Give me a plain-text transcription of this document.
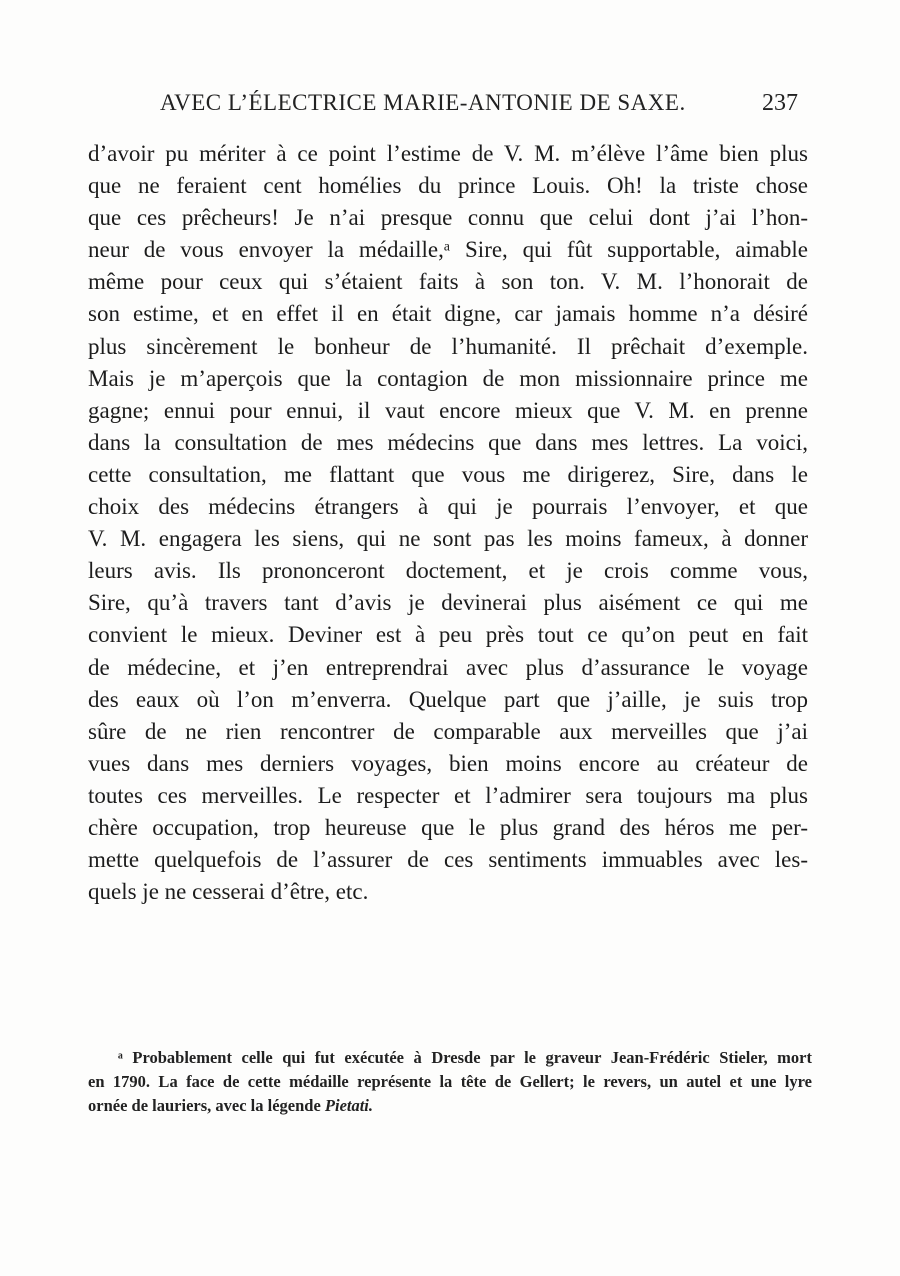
AVEC L’ÉLECTRICE MARIE-ANTONIE DE SAXE.	237
d’avoir pu mériter à ce point l’estime de V. M. m’élève l’âme bien plus
que ne feraient cent homélies du prince Louis. Oh! la triste chose
que ces prêcheurs! Je n’ai presque connu que celui dont j’ai l’hon-
neur de vous envoyer la médaille,ᵃ Sire, qui fût supportable, aimable
même pour ceux qui s’étaient faits à son ton. V. M. l’honorait de
son estime, et en effet il en était digne, car jamais homme n’a désiré
plus sincèrement le bonheur de l’humanité. Il prêchait d’exemple.
Mais je m’aperçois que la contagion de mon missionnaire prince me
gagne; ennui pour ennui, il vaut encore mieux que V. M. en prenne
dans la consultation de mes médecins que dans mes lettres. La voici,
cette consultation, me flattant que vous me dirigerez, Sire, dans le
choix des médecins étrangers à qui je pourrais l’envoyer, et que
V. M. engagera les siens, qui ne sont pas les moins fameux, à donner
leurs avis. Ils prononceront doctement, et je crois comme vous,
Sire, qu’à travers tant d’avis je devinerai plus aisément ce qui me
convient le mieux. Deviner est à peu près tout ce qu’on peut en fait
de médecine, et j’en entreprendrai avec plus d’assurance le voyage
des eaux où l’on m’enverra. Quelque part que j’aille, je suis trop
sûre de ne rien rencontrer de comparable aux merveilles que j’ai
vues dans mes derniers voyages, bien moins encore au créateur de
toutes ces merveilles. Le respecter et l’admirer sera toujours ma plus
chère occupation, trop heureuse que le plus grand des héros me per-
mette quelquefois de l’assurer de ces sentiments immuables avec les-
quels je ne cesserai d’être, etc.
ᵃ Probablement celle qui fut exécutée à Dresde par le graveur Jean-Frédéric Stieler, mort
en 1790. La face de cette médaille représente la tête de Gellert; le revers, un autel et une lyre
ornée de lauriers, avec la légende Pietati.
